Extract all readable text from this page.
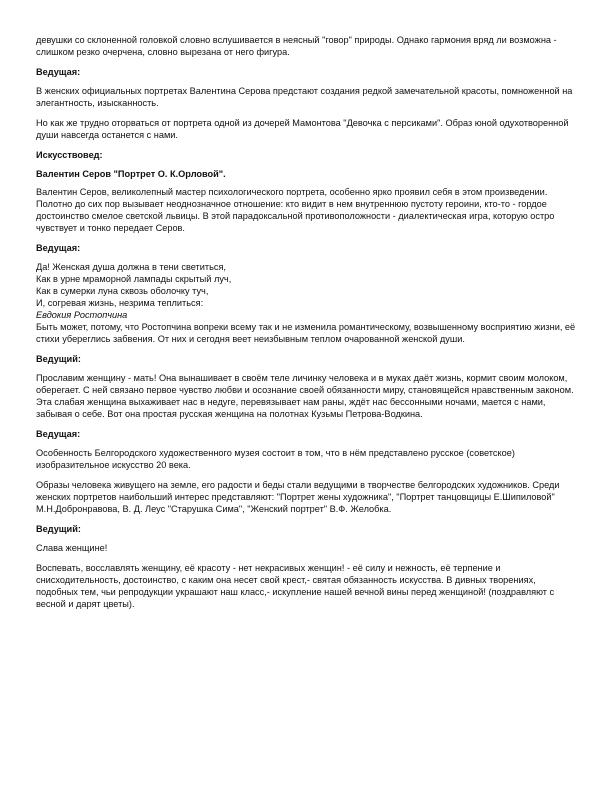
девушки со склоненной головкой словно вслушивается в неясный "говор" природы. Однако гармония вряд ли возможна - слишком резко очерчена, словно вырезана от него фигура.

Ведущая:

В женских официальных портретах Валентина Серова предстают создания редкой замечательной красоты, помноженной на элегантность, изысканность.

Но как же трудно оторваться от портрета одной из дочерей Мамонтова "Девочка с персиками". Образ юной одухотворенной души навсегда останется с нами.

Искусствовед:

Валентин Серов "Портрет О. К.Орловой".

Валентин Серов, великолепный мастер психологического портрета, особенно ярко проявил себя в этом произведении. Полотно до сих пор вызывает неоднозначное отношение: кто видит в нем внутреннюю пустоту героини, кто-то - гордое достоинство смелое светской львицы. В этой парадоксальной противоположности - диалектическая игра, которую остро чувствует и тонко передает Серов.

Ведущая:

Да! Женская душа должна в тени светиться,
Как в урне мраморной лампады скрытый луч,
Как в сумерки луна сквозь оболочку туч,
И, согревая жизнь, незрима теплиться:

Евдокия Ростопчина

Быть может, потому, что Ростопчина вопреки всему так и не изменила романтическому, возвышенному восприятию жизни, её стихи убереглись забвения. От них и сегодня веет неизбывным теплом очарованной женской души.

Ведущий:

Прославим женщину - мать! Она вынашивает в своём теле личинку человека и в муках даёт жизнь, кормит своим молоком, оберегает. С ней связано первое чувство любви и осознание своей обязанности миру, становящейся нравственным законом. Эта слабая женщина выхаживает нас в недуге, перевязывает нам раны, ждёт нас бессонными ночами, мается с нами, забывая о себе. Вот она простая русская женщина на полотнах Кузьмы Петрова-Водкина.

Ведущая:

Особенность Белгородского художественного музея состоит в том, что в нём представлено русское (советское) изобразительное искусство 20 века.

Образы человека живущего на земле, его радости и беды стали ведущими в творчестве белгородских художников. Среди женских портретов наибольший интерес представляют: "Портрет жены художника", "Портрет танцовщицы Е.Шипиловой" М.Н.Добронравова, В. Д. Леус "Старушка Сима", "Женский портрет" В.Ф. Желобка.

Ведущий:

Слава женщине!

Воспевать, восславлять женщину, её красоту - нет некрасивых женщин! - её силу и нежность, её терпение и снисходительность, достоинство, с каким она несет свой крест,- святая обязанность искусства. В дивных творениях, подобных тем, чьи репродукции украшают наш класс,- искупление нашей вечной вины перед женщиной! (поздравляют с весной и дарят цветы).
